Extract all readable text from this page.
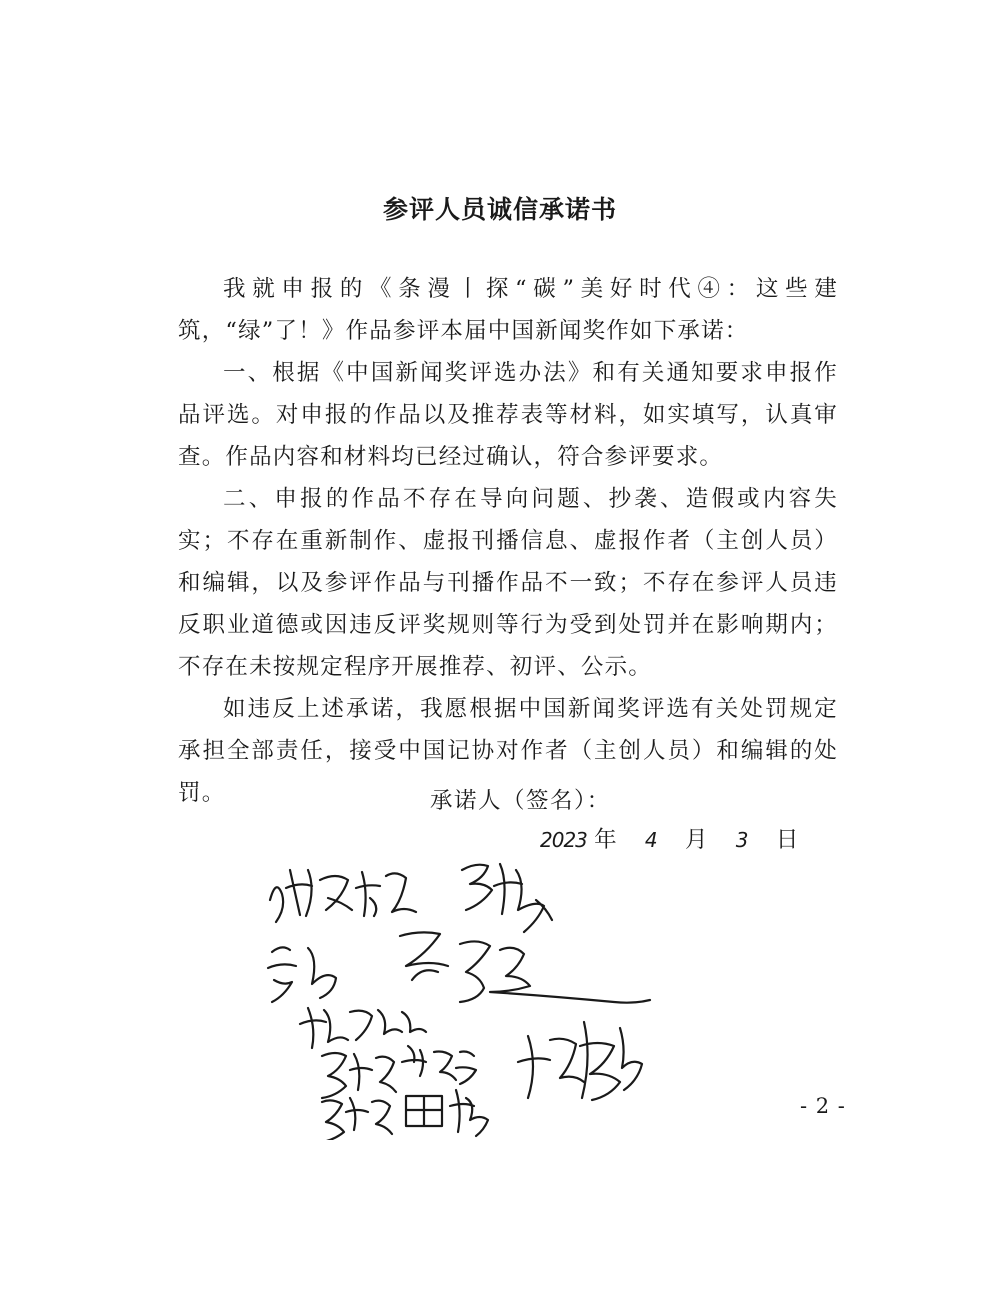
参评人员诚信承诺书

我就申报的《条漫丨探“碳”美好时代④：这些建筑，“绿”了！》作品参评本届中国新闻奖作如下承诺：

一、根据《中国新闻奖评选办法》和有关通知要求申报作品评选。对申报的作品以及推荐表等材料，如实填写，认真审查。作品内容和材料均已经过确认，符合参评要求。

二、申报的作品不存在导向问题、抄袭、造假或内容失实；不存在重新制作、虚报刊播信息、虚报作者（主创人员）和编辑，以及参评作品与刊播作品不一致；不存在参评人员违反职业道德或因违反评奖规则等行为受到处罚并在影响期内；不存在未按规定程序开展推荐、初评、公示。

如违反上述承诺，我愿根据中国新闻奖评选有关处罚规定承担全部责任，接受中国记协对作者（主创人员）和编辑的处罚。	承诺人（签名）：
2023 年 4 月 3 日
- 2 -
